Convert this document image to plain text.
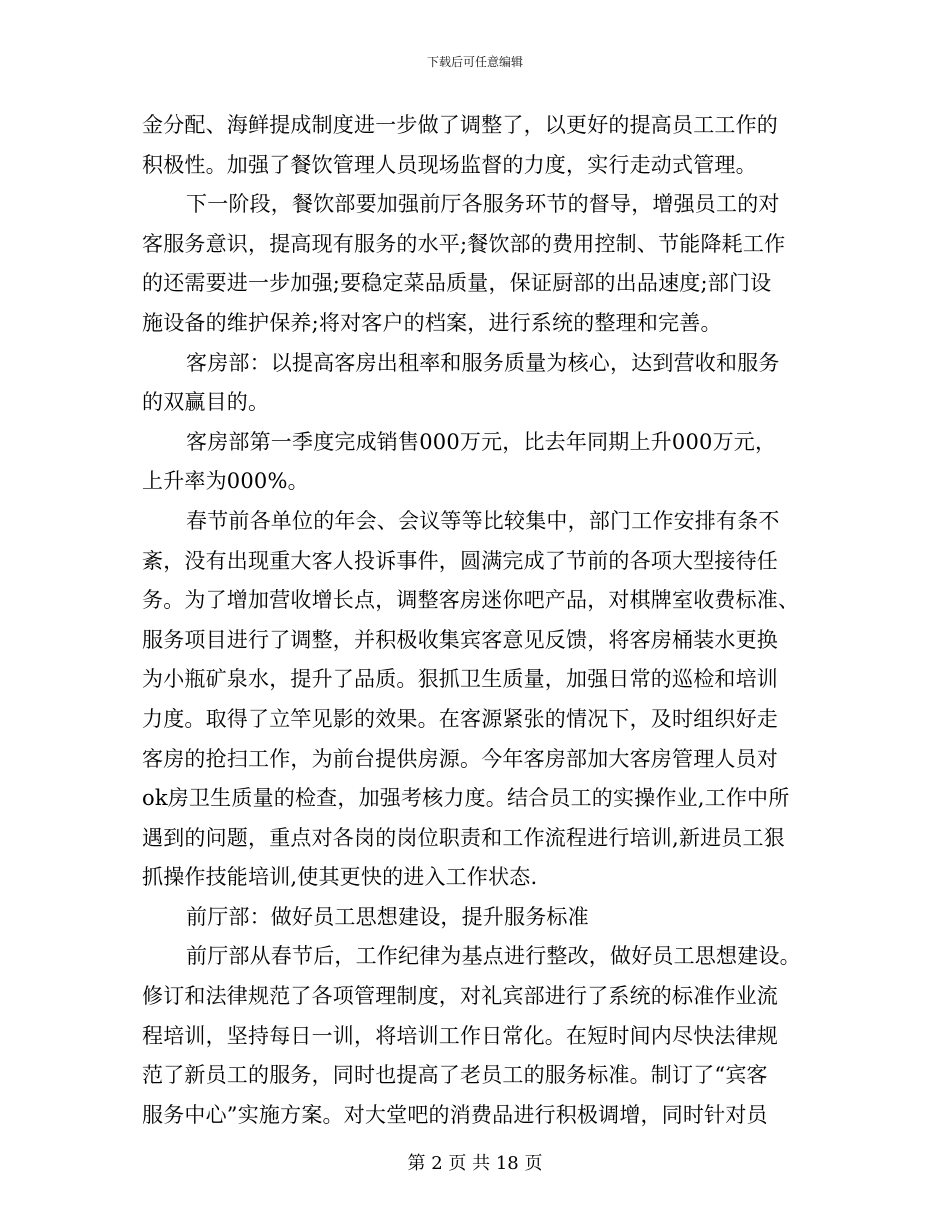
下载后可任意编辑
金分配、海鲜提成制度进一步做了调整了，以更好的提高员工工作的
积极性。加强了餐饮管理人员现场监督的力度，实行走动式管理。
下一阶段，餐饮部要加强前厅各服务环节的督导，增强员工的对
客服务意识，提高现有服务的水平;餐饮部的费用控制、节能降耗工作
的还需要进一步加强;要稳定菜品质量，保证厨部的出品速度;部门设
施设备的维护保养;将对客户的档案，进行系统的整理和完善。
客房部：以提高客房出租率和服务质量为核心，达到营收和服务
的双赢目的。
客房部第一季度完成销售000万元，比去年同期上升000万元，
上升率为000%。
春节前各单位的年会、会议等等比较集中，部门工作安排有条不
紊，没有出现重大客人投诉事件，圆满完成了节前的各项大型接待任
务。为了增加营收增长点，调整客房迷你吧产品，对棋牌室收费标准、
服务项目进行了调整，并积极收集宾客意见反馈，将客房桶装水更换
为小瓶矿泉水，提升了品质。狠抓卫生质量，加强日常的巡检和培训
力度。取得了立竿见影的效果。在客源紧张的情况下，及时组织好走
客房的抢扫工作，为前台提供房源。今年客房部加大客房管理人员对
ok房卫生质量的检查，加强考核力度。结合员工的实操作业,工作中所
遇到的问题，重点对各岗的岗位职责和工作流程进行培训,新进员工狠
抓操作技能培训,使其更快的进入工作状态.
前厅部：做好员工思想建设，提升服务标准
前厅部从春节后，工作纪律为基点进行整改，做好员工思想建设。
修订和法律规范了各项管理制度，对礼宾部进行了系统的标准作业流
程培训，坚持每日一训，将培训工作日常化。在短时间内尽快法律规
范了新员工的服务，同时也提高了老员工的服务标准。制订了“宾客
服务中心”实施方案。对大堂吧的消费品进行积极调增，同时针对员
第 2 页 共 18 页
